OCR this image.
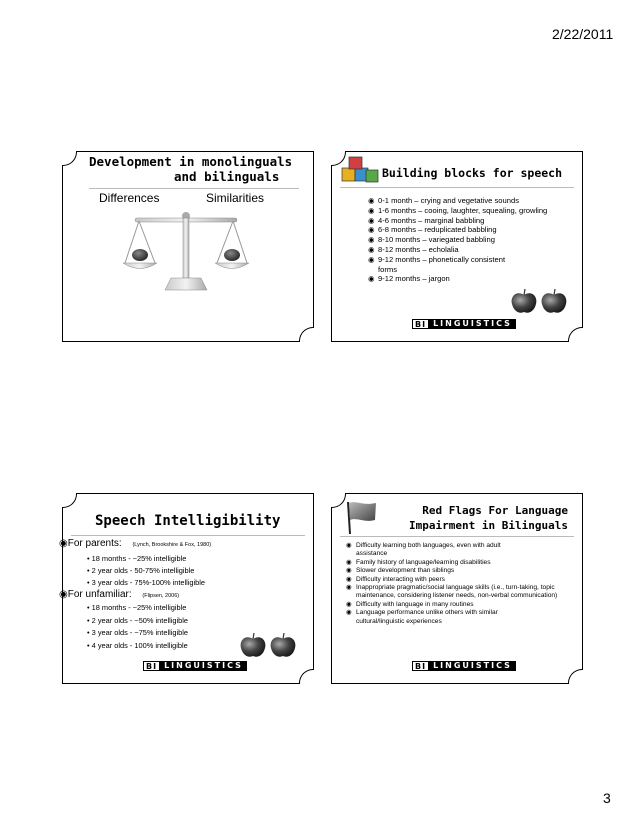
2/22/2011
Development in monolinguals
and bilinguals
Differences	Similarities
Building blocks for speech
◉ 0-1 month – crying and vegetative sounds
◉ 1-6 months – cooing, laughter, squealing, growling
◉ 4-6 months – marginal babbling
◉ 6-8 months – reduplicated babbling
◉ 8-10 months – variegated babbling
◉ 8-12 months – echolalia
◉ 9-12 months – phonetically consistent forms
◉ 9-12 months – jargon
BI LINGUISTICS
Speech Intelligibility
◉For parents: (Lynch, Brookshire & Fox, 1980)
• 18 months - ~25% intelligible
• 2 year olds - 50-75% intelligible
• 3 year olds - 75%-100% intelligible
◉For unfamiliar: (Flipsen, 2006)
• 18 months - ~25% intelligible
• 2 year olds - ~50% intelligible
• 3 year olds - ~75% intelligible
• 4 year olds - 100% intelligible
BI LINGUISTICS
Red Flags For Language
Impairment in Bilinguals
◉ Difficulty learning both languages, even with adult assistance
◉ Family history of language/learning disabilities
◉ Slower development than siblings
◉ Difficulty interacting with peers
◉ Inappropriate pragmatic/social language skills (i.e., turn-taking, topic maintenance, considering listener needs, non-verbal communication)
◉ Difficulty with language in many routines
◉ Language performance unlike others with similar cultural/linguistic experiences
BI LINGUISTICS
3
